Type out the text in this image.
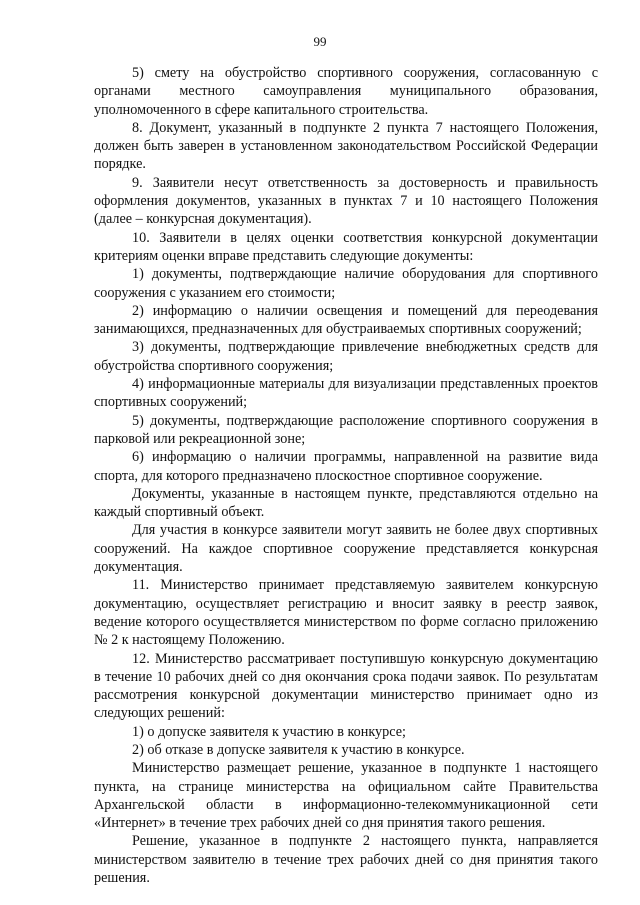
99

5) смету на обустройство спортивного сооружения, согласованную с органами местного самоуправления муниципального образования, уполномоченного в сфере капитального строительства.

8. Документ, указанный в подпункте 2 пункта 7 настоящего Положения, должен быть заверен в установленном законодательством Российской Федерации порядке.

9. Заявители несут ответственность за достоверность и правильность оформления документов, указанных в пунктах 7 и 10 настоящего Положения (далее – конкурсная документация).

10. Заявители в целях оценки соответствия конкурсной документации критериям оценки вправе представить следующие документы:

1) документы, подтверждающие наличие оборудования для спортивного сооружения с указанием его стоимости;

2) информацию о наличии освещения и помещений для переодевания занимающихся, предназначенных для обустраиваемых спортивных сооружений;

3) документы, подтверждающие привлечение внебюджетных средств для обустройства спортивного сооружения;

4) информационные материалы для визуализации представленных проектов спортивных сооружений;

5) документы, подтверждающие расположение спортивного сооружения в парковой или рекреационной зоне;

6) информацию о наличии программы, направленной на развитие вида спорта, для которого предназначено плоскостное спортивное сооружение.

Документы, указанные в настоящем пункте, представляются отдельно на каждый спортивный объект.

Для участия в конкурсе заявители могут заявить не более двух спортивных сооружений. На каждое спортивное сооружение представляется конкурсная документация.

11. Министерство принимает представляемую заявителем конкурсную документацию, осуществляет регистрацию и вносит заявку в реестр заявок, ведение которого осуществляется министерством по форме согласно приложению № 2 к настоящему Положению.

12. Министерство рассматривает поступившую конкурсную документацию в течение 10 рабочих дней со дня окончания срока подачи заявок. По результатам рассмотрения конкурсной документации министерство принимает одно из следующих решений:

1) о допуске заявителя к участию в конкурсе;

2) об отказе в допуске заявителя к участию в конкурсе.

Министерство размещает решение, указанное в подпункте 1 настоящего пункта, на странице министерства на официальном сайте Правительства Архангельской области в информационно-телекоммуникационной сети «Интернет» в течение трех рабочих дней со дня принятия такого решения.

Решение, указанное в подпункте 2 настоящего пункта, направляется министерством заявителю в течение трех рабочих дней со дня принятия такого решения.
